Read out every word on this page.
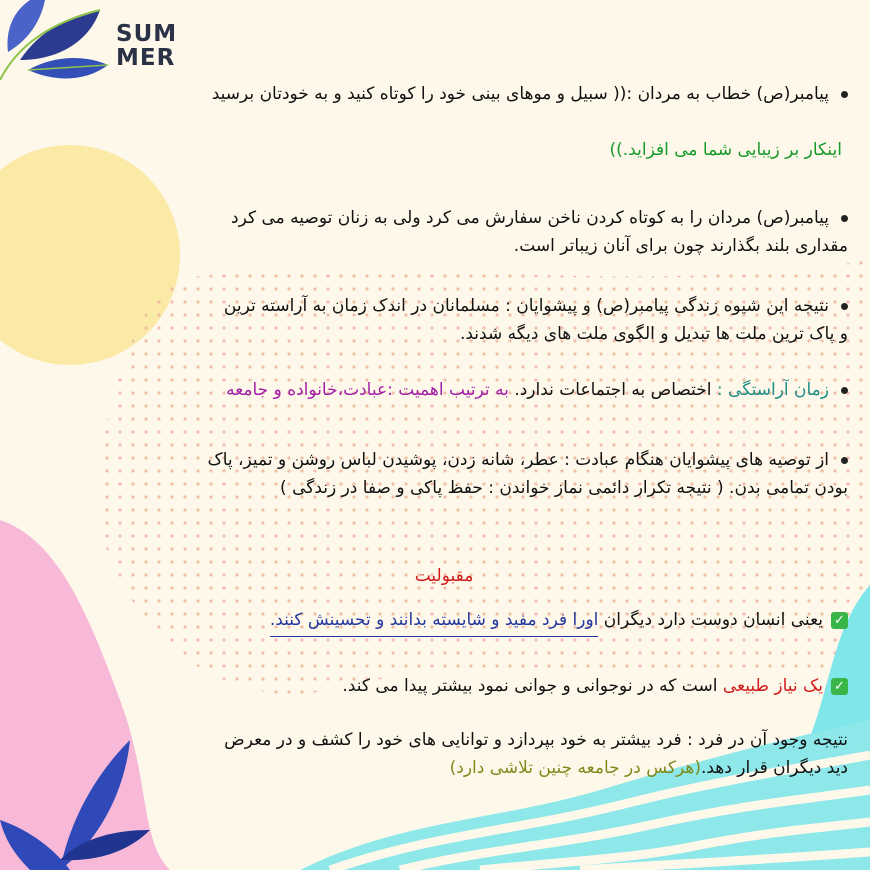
SUM
MER
پیامبر(ص) خطاب به مردان :(( سبیل و موهای بینی خود را کوتاه کنید و به خودتان برسید
اینکار بر زیبایی شما می افزاید.))
پیامبر(ص) مردان را به کوتاه کردن ناخن سفارش می کرد ولی به زنان توصیه می کرد
مقداری بلند بگذارند چون برای آنان زیباتر است.
نتیجه این شیوه زندگی پیامبر(ص) و پیشوایان : مسلمانان در اندک زمان به آراسته ترین
و پاک ترین ملت ها تبدیل و الگوی ملت های دیگه شدند.
زمان آراستگی : اختصاص به اجتماعات ندارد. به ترتیب اهمیت :عبادت،خانواده و جامعه
از توصیه های پیشوایان هنگام عبادت : عطر، شانه زدن، پوشیدن لباس روشن و تمیز، پاک
بودن تمامی بدن. ( نتیجه تکرار دائمی نماز خواندن : حفظ پاکی و صفا در زندگی )
مقبولیت
✓یعنی انسان دوست دارد دیگران اورا فرد مفید و شایسته بدانند و تحسینش کنند.
✓یک نیاز طبیعی است که در نوجوانی و جوانی نمود بیشتر پیدا می کند.
نتیجه وجود آن در فرد : فرد بیشتر به خود بپردازد و توانایی های خود را کشف و در معرض
دید دیگران قرار دهد.(هرکس در جامعه چنین تلاشی دارد)
